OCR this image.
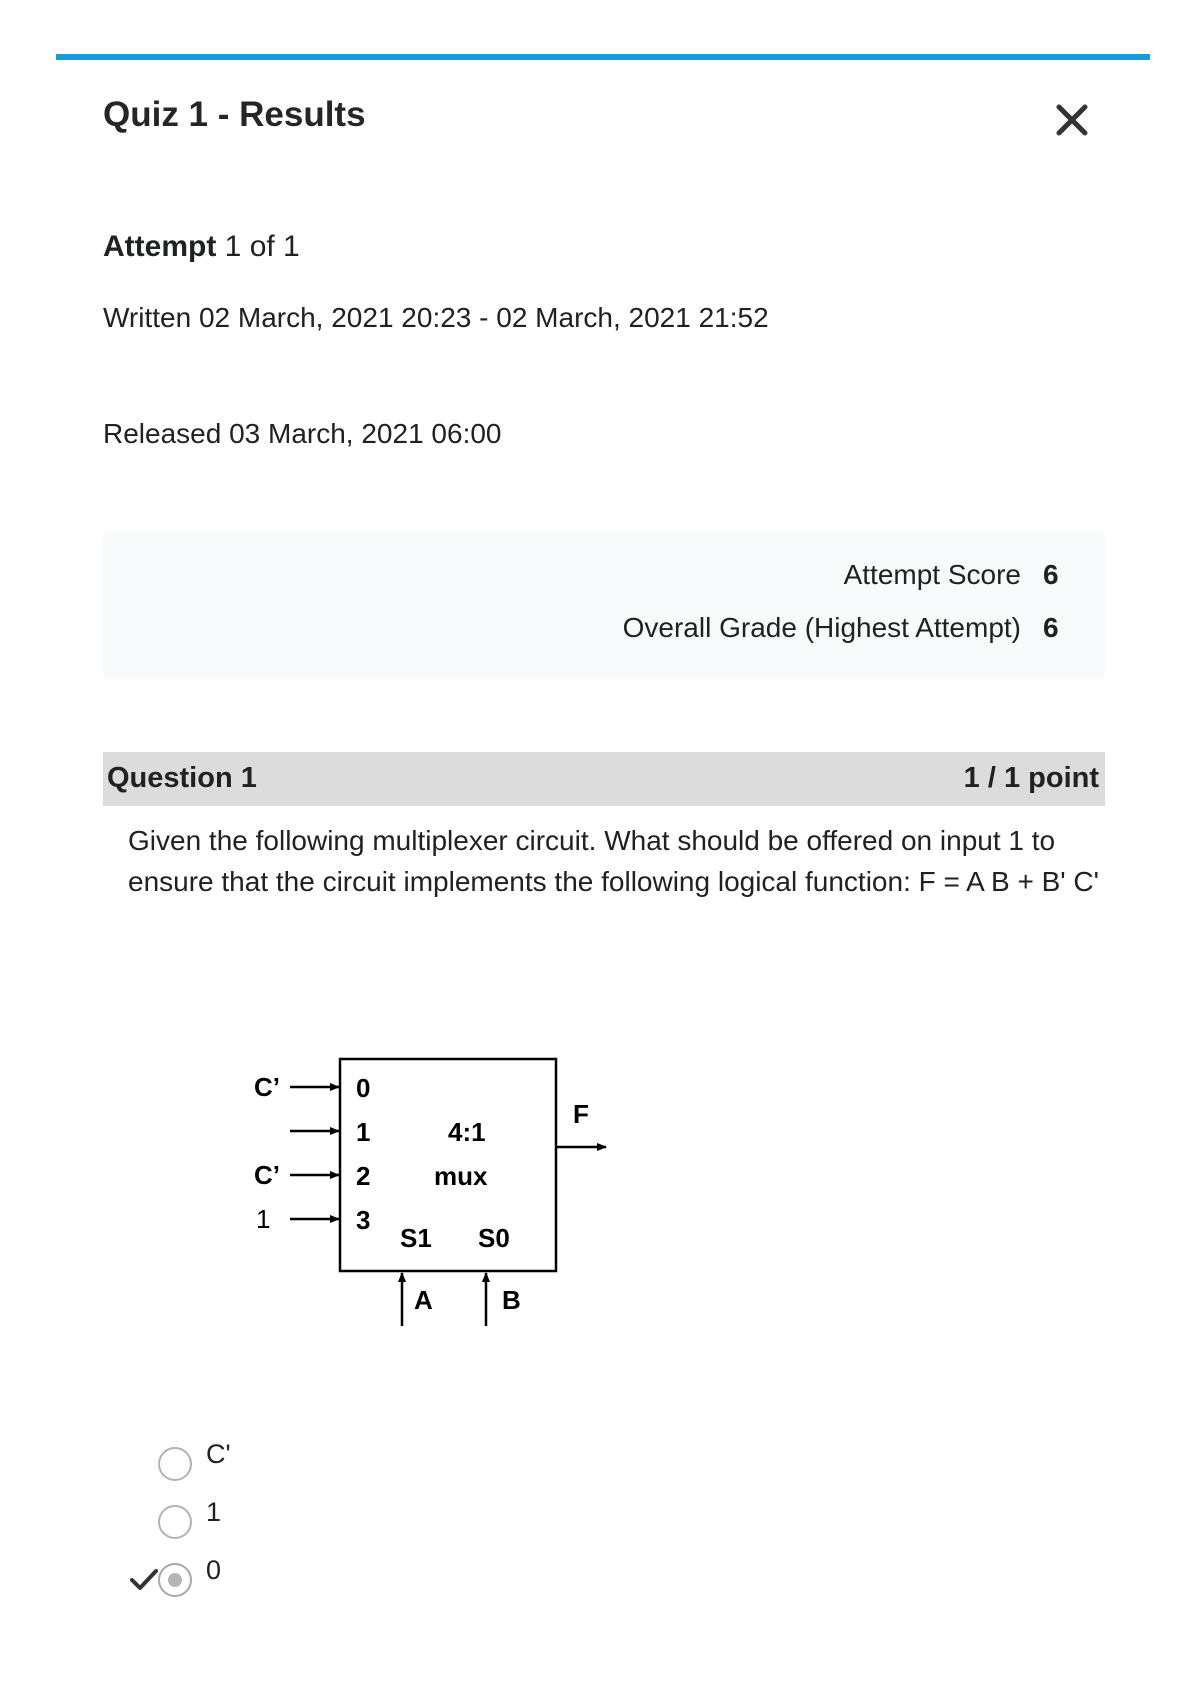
Quiz 1 - Results
Attempt 1 of 1
Written 02 March, 2021 20:23 - 02 March, 2021 21:52
Released 03 March, 2021 06:00
Attempt Score 6
Overall Grade (Highest Attempt) 6
Question 1	1 / 1 point
Given the following multiplexer circuit. What should be offered on input 1 to ensure that the circuit implements the following logical function: F = A B + B' C'
C’
C’
1
0
1
2
3
4:1
mux
S1 S0
A	B
F
C'
1
0
